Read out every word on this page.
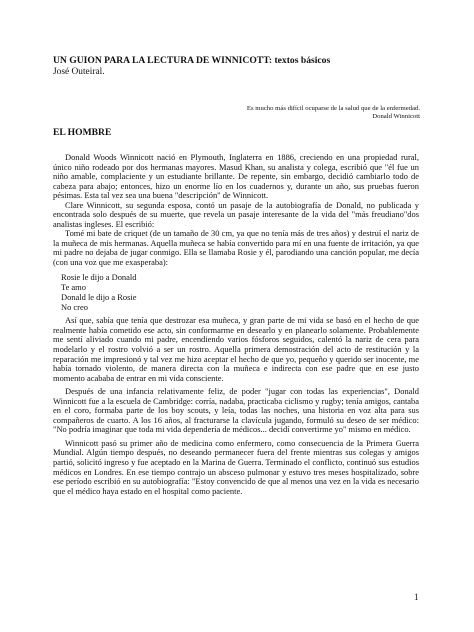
UN GUION PARA LA LECTURA DE WINNICOTT: textos básicos
José Outeiral.
Es mucho más difícil ocuparse de la salud que de la enfermedad.
Donald Winnicott
EL HOMBRE

Donald Woods Winnicott nació en Plymouth, Inglaterra en 1886, creciendo en una propiedad rural, único niño rodeado por dos hermanas mayores. Masud Khan, su analista y colega, escribió que "él fue un niño amable, complaciente y un estudiante brillante. De repente, sin embargo, decidió cambiarlo todo de cabeza para abajo; entonces, hizo un enorme lío en los cuadernos y, durante un año, sus pruebas fueron pésimas. Esta tal vez sea una buena "descripción" de Winnicott.

Clare Winnicott, su segunda esposa, contó un pasaje de la autobiografía de Donald, no publicada y encontrada solo después de su muerte, que revela un pasaje interesante de la vida del "más freudiano"dos analistas ingleses. El escribió:

Tomé mi bate de criquet (de un tamaño de 30 cm, ya que no tenía más de tres años) y destruí el nariz de la muñeca de mis hermanas. Aquella muñeca se había convertido para mí en una fuente de irritación, ya que mi padre no dejaba de jugar conmigo. Ella se llamaba Rosie y él, parodiando una canción popular, me decía (con una voz que me exasperaba):

Rosie le dijo a Donald
Te amo
Donald le dijo a Rosie
No creo

Así que, sabía que tenía que destrozar esa muñeca, y gran parte de mi vida se basó en el hecho de que realmente había cometido ese acto, sin conformarme en desearlo y en planearlo solamente. Probablemente me sentí aliviado cuando mi padre, encendiendo varios fósforos seguidos, calentó la nariz de cera para modelarlo y el rostro volvió a ser un rostro. Aquella primera demostración del acto de restitución y la reparación me impresionó y tal vez me hizo aceptar el hecho de que yo, pequeño y querido ser inocente, me había tornado violento, de manera directa con la muñeca e indirecta con ese padre que en ese justo momento acababa de entrar en mi vida consciente.

Después de una infancia relativamente feliz, de poder "jugar con todas las experiencias", Donald Winnicott fue a la escuela de Cambridge: corría, nadaba, practicaba ciclismo y rugby; tenía amigos, cantaba en el coro, formaba parte de los boy scouts, y leía, todas las noches, una historia en voz alta para sus compañeros de cuarto. A los 16 años, al fracturarse la clavícula jugando, formuló su deseo de ser médico: "No podría imaginar que toda mi vida dependería de médicos... decidí convertirme yo" mismo en médico.

Winnicott pasó su primer año de medicina como enfermero, como consecuencia de la Primera Guerra Mundial. Algún tiempo después, no deseando permanecer fuera del frente mientras sus colegas y amigos partió, solicitó ingreso y fue aceptado en la Marina de Guerra. Terminado el conflicto, continuó sus estudios médicos en Londres. En ese tiempo contrajo un absceso pulmonar y estuvo tres meses hospitalizado, sobre ese período escribió en su autobiografía: "Estoy convencido de que al menos una vez en la vida es necesario que el médico haya estado en el hospital como paciente.

1
